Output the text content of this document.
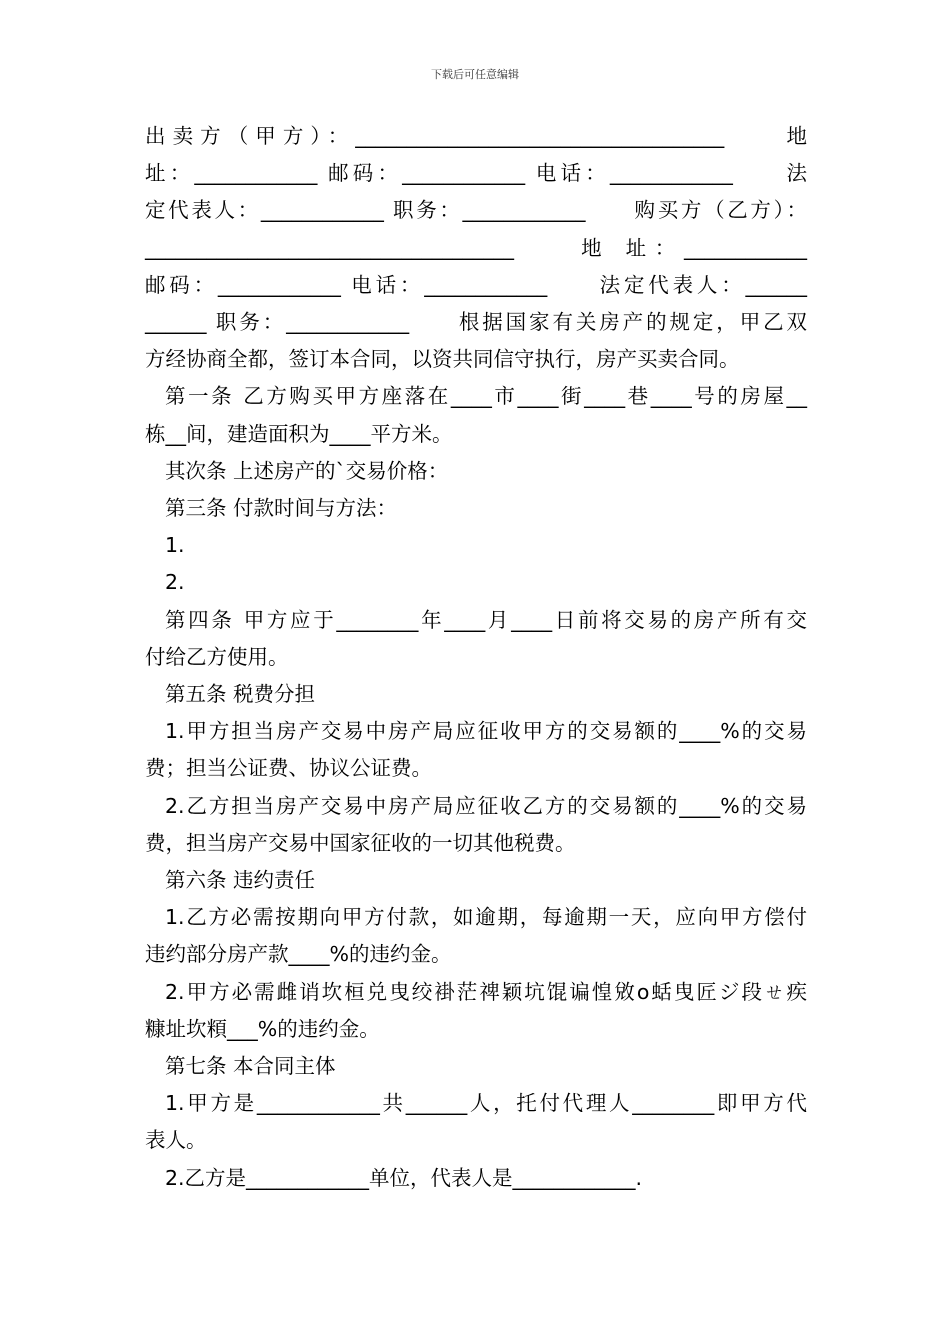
下载后可任意编辑
出卖方（甲方）：____________________________________　　地
址：____________ 邮码：____________ 电话：____________　　法
定代表人：____________ 职务：____________　　购买方（乙方）：
____________________________________　　地 址：____________
邮码：____________ 电话：____________　　法定代表人：______
______ 职务：____________　　根据国家有关房产的规定，甲乙双
方经协商全都，签订本合同，以资共同信守执行，房产买卖合同。
第一条 乙方购买甲方座落在____市____街____巷____号的房屋__
栋__间，建造面积为____平方米。
其次条 上述房产的`交易价格：
第三条 付款时间与方法：
1.
2.
第四条 甲方应于________年____月____日前将交易的房产所有交
付给乙方使用。
第五条 税费分担
1.甲方担当房产交易中房产局应征收甲方的交易额的____%的交易
费；担当公证费、协议公证费。
2.乙方担当房产交易中房产局应征收乙方的交易额的____%的交易
费，担当房产交易中国家征收的一切其他税费。
第六条 违约责任
1.乙方必需按期向甲方付款，如逾期，每逾期一天，应向甲方偿付
违约部分房产款____%的违约金。
2.甲方必需雌诮坎桓兑曳绞褂茫禆颖坑馄谝惶敓o蛞曳匠ジ段ㄝ疾
糠址坎頪___%的违约金。
第七条 本合同主体
1.甲方是____________共______人，托付代理人________即甲方代
表人。
2.乙方是____________单位，代表人是____________.
